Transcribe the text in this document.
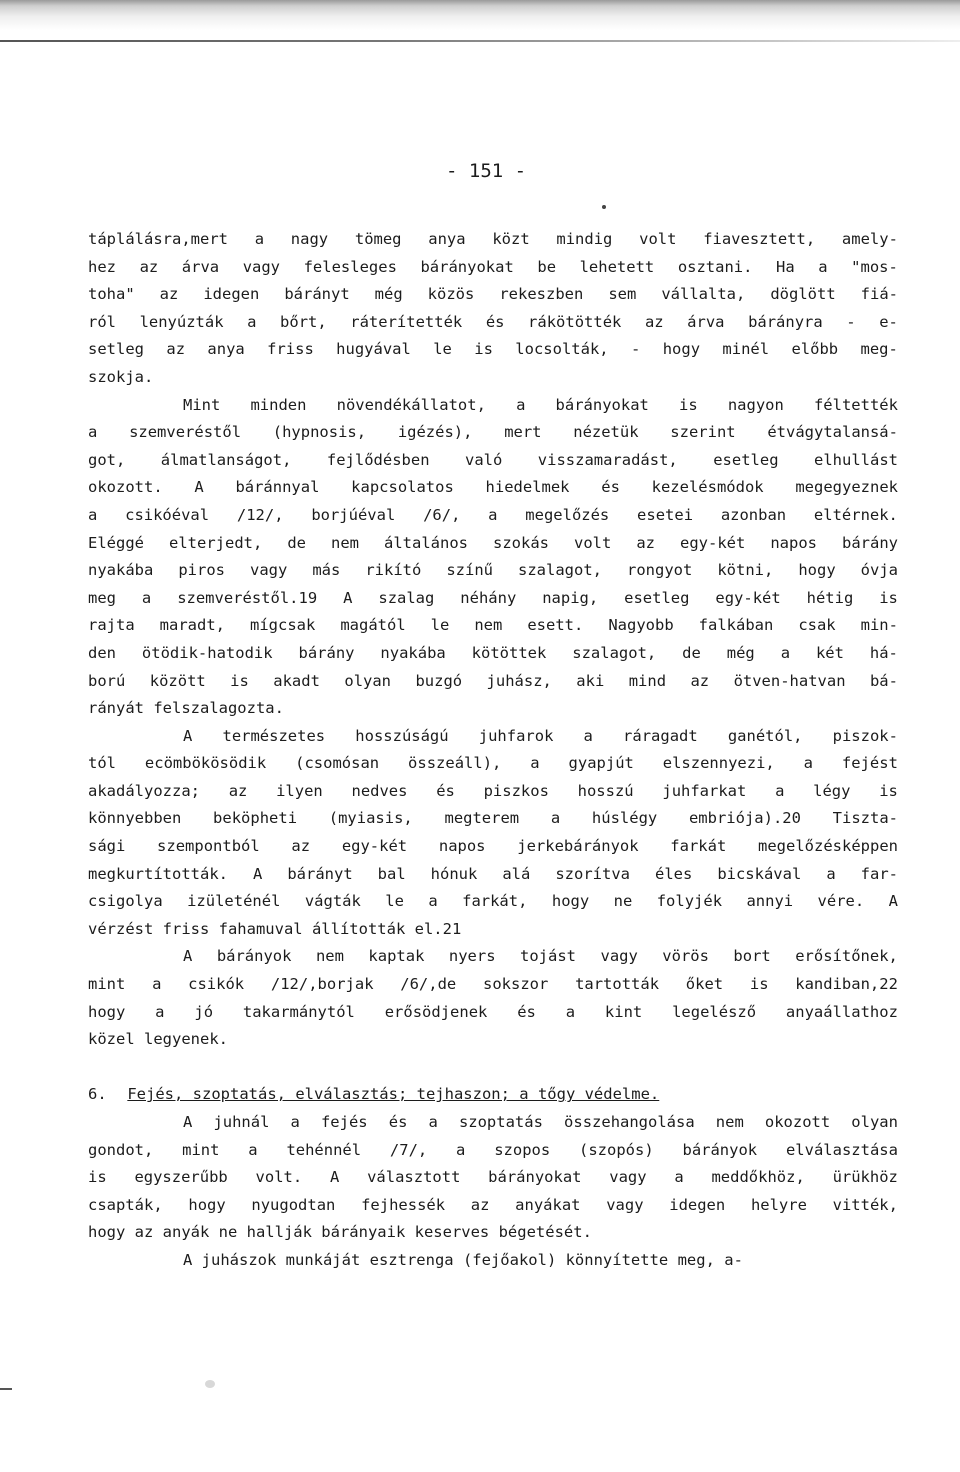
- 151 -
táplálásra,mert a nagy tömeg anya közt mindig volt fiavesztett, amely-
hez az árva vagy felesleges bárányokat be lehetett osztani. Ha a "mos-
toha" az idegen bárányt még közös rekeszben sem vállalta, döglött fiá-
ról lenyúzták a bőrt, ráterítették és rákötötték az árva bárányra - e-
setleg az anya friss hugyával le is locsolták, - hogy minél előbb meg-
szokja.
Mint minden növendékállatot, a bárányokat is nagyon féltették
a szemveréstől (hypnosis, igézés), mert nézetük szerint étvágytalansá-
got, álmatlanságot, fejlődésben való visszamaradást, esetleg elhullást
okozott. A báránnyal kapcsolatos hiedelmek és kezelésmódok megegyeznek
a csikóéval /12/, borjúéval /6/, a megelőzés esetei azonban eltérnek.
Eléggé elterjedt, de nem általános szokás volt az egy-két napos bárány
nyakába piros vagy más rikító színű szalagot, rongyot kötni, hogy óvja
meg a szemveréstől.19 A szalag néhány napig, esetleg egy-két hétig is
rajta maradt, mígcsak magától le nem esett. Nagyobb falkában csak min-
den ötödik-hatodik bárány nyakába kötöttek szalagot, de még a két há-
ború között is akadt olyan buzgó juhász, aki mind az ötven-hatvan bá-
rányát felszalagozta.
A természetes hosszúságú juhfarok a ráragadt ganétól, piszok-
tól ecömbökösödik (csomósan összeáll), a gyapjút elszennyezi, a fejést
akadályozza; az ilyen nedves és piszkos hosszú juhfarkat a légy is
könnyebben beköpheti (myiasis, megterem a húslégy embriója).20 Tiszta-
sági szempontból az egy-két napos jerkebárányok farkát megelőzésképpen
megkurtították. A bárányt bal hónuk alá szorítva éles bicskával a far-
csigolya izületénél vágták le a farkát, hogy ne folyjék annyi vére. A
vérzést friss fahamuval állították el.21
A bárányok nem kaptak nyers tojást vagy vörös bort erősítőnek,
mint a csikók /12/,borjak /6/,de sokszor tartották őket is kandiban,22
hogy a jó takarmánytól erősödjenek és a kint legelésző anyaállathoz
közel legyenek.
6. Fejés, szoptatás, elválasztás; tejhaszon; a tőgy védelme.
A juhnál a fejés és a szoptatás összehangolása nem okozott olyan
gondot, mint a tehénnél /7/, a szopos (szopós) bárányok elválasztása
is egyszerűbb volt. A választott bárányokat vagy a meddőkhöz, ürükhöz
csapták, hogy nyugodtan fejhessék az anyákat vagy idegen helyre vitték,
hogy az anyák ne hallják bárányaik keserves bégetését.
A juhászok munkáját esztrenga (fejőakol) könnyítette meg, a-
